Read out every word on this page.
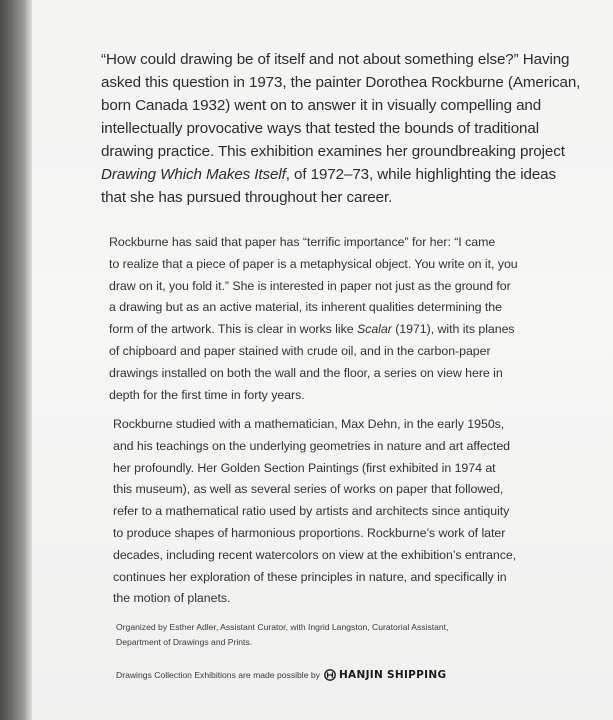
“How could drawing be of itself and not about something else?” Having
asked this question in 1973, the painter Dorothea Rockburne (American,
born Canada 1932) went on to answer it in visually compelling and
intellectually provocative ways that tested the bounds of traditional
drawing practice. This exhibition examines her groundbreaking project
Drawing Which Makes Itself, of 1972–73, while highlighting the ideas
that she has pursued throughout her career.

Rockburne has said that paper has “terrific importance” for her: “I came
to realize that a piece of paper is a metaphysical object. You write on it, you
draw on it, you fold it.” She is interested in paper not just as the ground for
a drawing but as an active material, its inherent qualities determining the
form of the artwork. This is clear in works like Scalar (1971), with its planes
of chipboard and paper stained with crude oil, and in the carbon-paper
drawings installed on both the wall and the floor, a series on view here in
depth for the first time in forty years.
Rockburne studied with a mathematician, Max Dehn, in the early 1950s,
and his teachings on the underlying geometries in nature and art affected
her profoundly. Her Golden Section Paintings (first exhibited in 1974 at
this museum), as well as several series of works on paper that followed,
refer to a mathematical ratio used by artists and architects since antiquity
to produce shapes of harmonious proportions. Rockburne’s work of later
decades, including recent watercolors on view at the exhibition’s entrance,
continues her exploration of these principles in nature, and specifically in
the motion of planets.
Organized by Esther Adler, Assistant Curator, with Ingrid Langston, Curatorial Assistant,
Department of Drawings and Prints.
Drawings Collection Exhibitions are made possible by HANJIN SHIPPING
